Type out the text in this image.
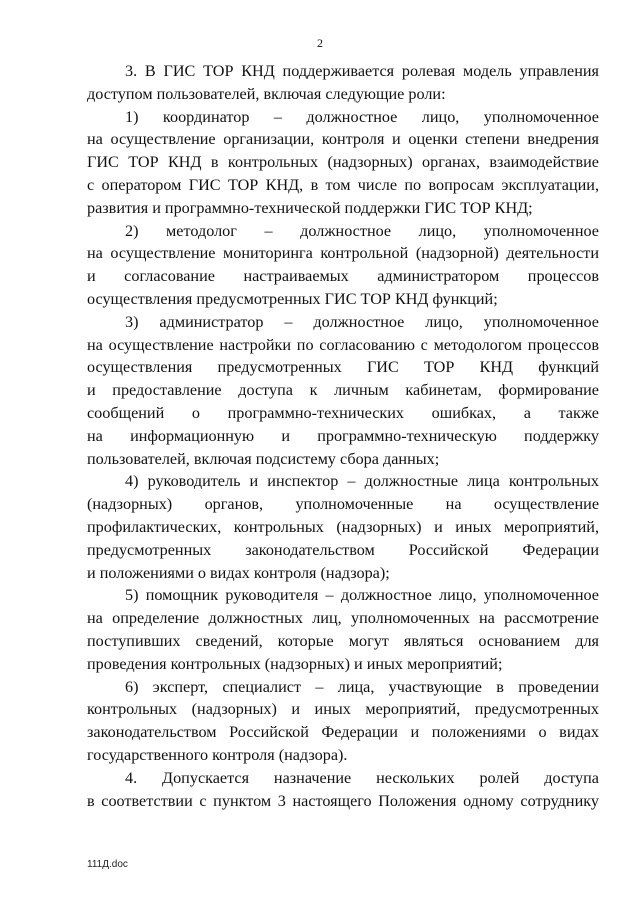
2
3. В ГИС ТОР КНД поддерживается ролевая модель управления
доступом пользователей, включая следующие роли:
1) координатор – должностное лицо, уполномоченное
на осуществление организации, контроля и оценки степени внедрения
ГИС ТОР КНД в контрольных (надзорных) органах, взаимодействие
с оператором ГИС ТОР КНД, в том числе по вопросам эксплуатации,
развития и программно-технической поддержки ГИС ТОР КНД;
2) методолог – должностное лицо, уполномоченное
на осуществление мониторинга контрольной (надзорной) деятельности
и согласование настраиваемых администратором процессов
осуществления предусмотренных ГИС ТОР КНД функций;
3) администратор – должностное лицо, уполномоченное
на осуществление настройки по согласованию с методологом процессов
осуществления предусмотренных ГИС ТОР КНД функций
и предоставление доступа к личным кабинетам, формирование
сообщений о программно-технических ошибках, а также
на информационную и программно-техническую поддержку
пользователей, включая подсистему сбора данных;
4) руководитель и инспектор – должностные лица контрольных
(надзорных) органов, уполномоченные на осуществление
профилактических, контрольных (надзорных) и иных мероприятий,
предусмотренных законодательством Российской Федерации
и положениями о видах контроля (надзора);
5) помощник руководителя – должностное лицо, уполномоченное
на определение должностных лиц, уполномоченных на рассмотрение
поступивших сведений, которые могут являться основанием для
проведения контрольных (надзорных) и иных мероприятий;
6) эксперт, специалист – лица, участвующие в проведении
контрольных (надзорных) и иных мероприятий, предусмотренных
законодательством Российской Федерации и положениями о видах
государственного контроля (надзора).
4. Допускается назначение нескольких ролей доступа
в соответствии с пунктом 3 настоящего Положения одному сотруднику
111Д.doc
